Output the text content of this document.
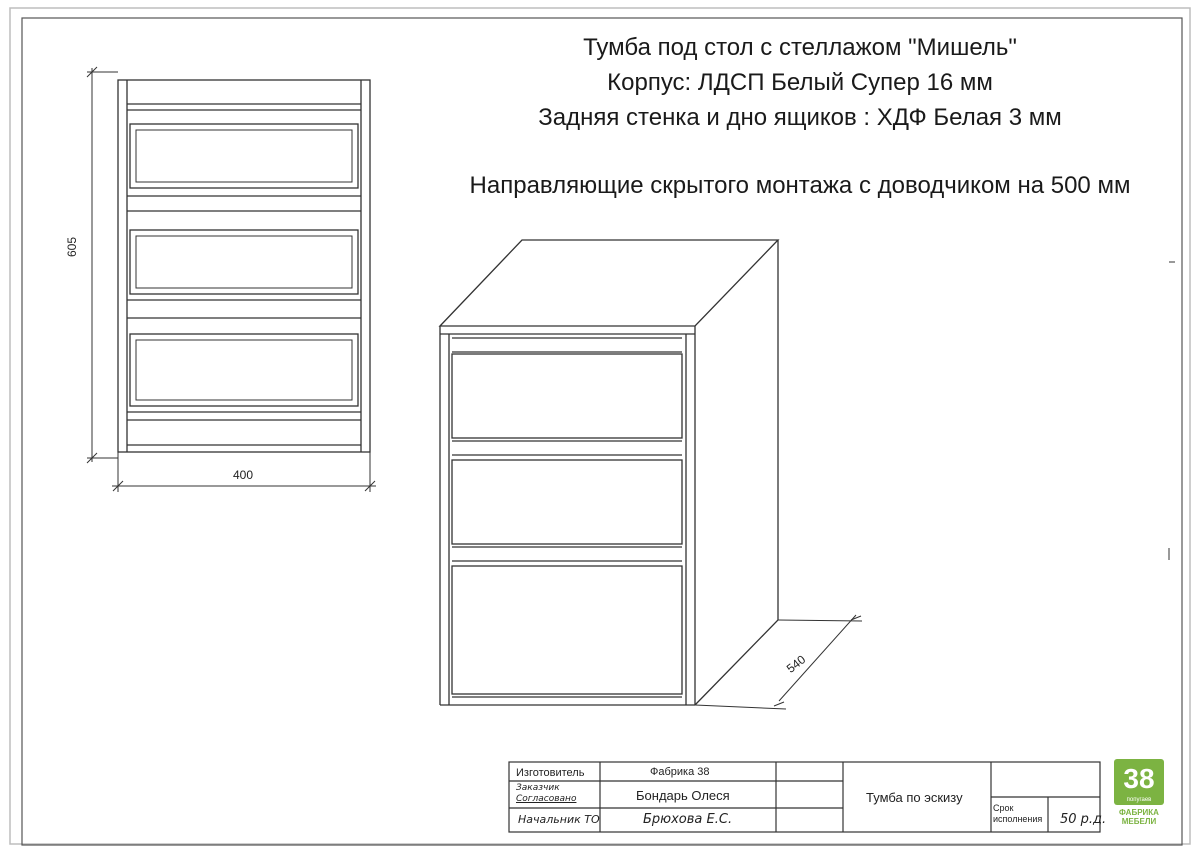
Тумба под стол с стеллажом "Мишель"
Корпус: ЛДСП Белый Супер 16 мм
Задняя стенка и дно ящиков : ХДФ Белая 3 мм
Направляющие скрытого монтажа с доводчиком на 500 мм
605
400
540
Изготовитель	Фабрика 38
Заказчик
Согласовано	Бондарь Олеся
Начальник ТО	Брюхова Е.С.
Тумба по эскизу
Срок
исполнения 50 р.д.
38
попугаев
ФАБРИКА
МЕБЕЛИ
